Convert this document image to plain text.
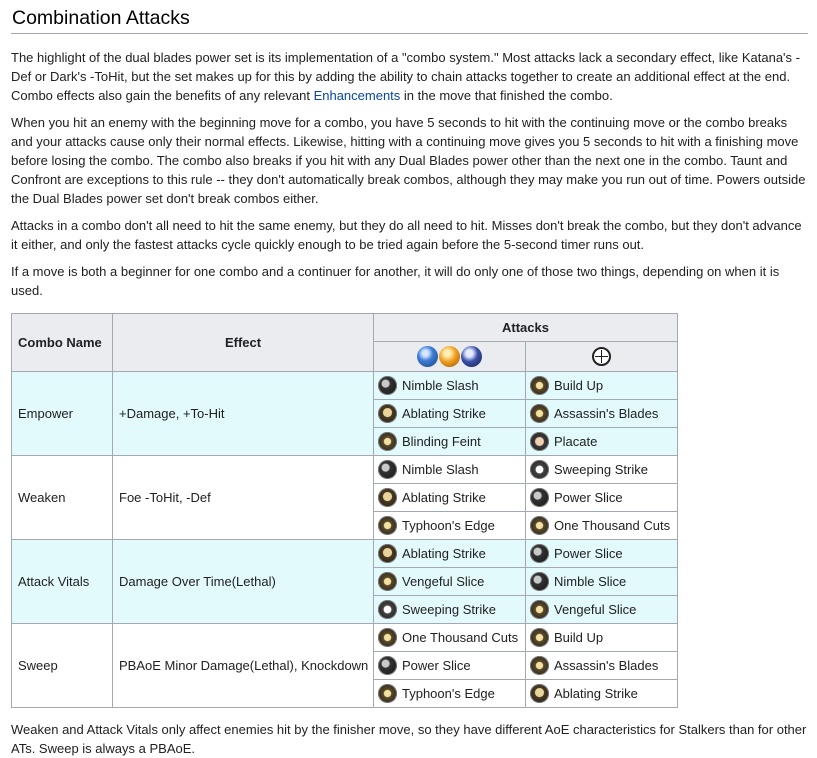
Combination Attacks

The highlight of the dual blades power set is its implementation of a "combo system." Most attacks lack a secondary effect, like Katana's -Def or Dark's -ToHit, but the set makes up for this by adding the ability to chain attacks together to create an additional effect at the end. Combo effects also gain the benefits of any relevant Enhancements in the move that finished the combo.

When you hit an enemy with the beginning move for a combo, you have 5 seconds to hit with the continuing move or the combo breaks and your attacks cause only their normal effects. Likewise, hitting with a continuing move gives you 5 seconds to hit with a finishing move before losing the combo. The combo also breaks if you hit with any Dual Blades power other than the next one in the combo. Taunt and Confront are exceptions to this rule -- they don't automatically break combos, although they may make you run out of time. Powers outside the Dual Blades power set don't break combos either.

Attacks in a combo don't all need to hit the same enemy, but they do all need to hit. Misses don't break the combo, but they don't advance it either, and only the fastest attacks cycle quickly enough to be tried again before the 5-second timer runs out.

If a move is both a beginner for one combo and a continuer for another, it will do only one of those two things, depending on when it is used.

Combo Name	Effect	Attacks	

Empower	+Damage, +To-Hit	Nimble Slash	Build Up

		Ablating Strike	Assassin's Blades

		Blinding Feint	Placate

Weaken	Foe -ToHit, -Def	Nimble Slash	Sweeping Strike

		Ablating Strike	Power Slice

		Typhoon's Edge	One Thousand Cuts

Attack Vitals	Damage Over Time(Lethal)	Ablating Strike	Power Slice

		Vengeful Slice	Nimble Slice

		Sweeping Strike	Vengeful Slice

Sweep	PBAoE Minor Damage(Lethal), Knockdown	One Thousand Cuts	Build Up

		Power Slice	Assassin's Blades

		Typhoon's Edge	Ablating Strike

Weaken and Attack Vitals only affect enemies hit by the finisher move, so they have different AoE characteristics for Stalkers than for other ATs. Sweep is always a PBAoE.
